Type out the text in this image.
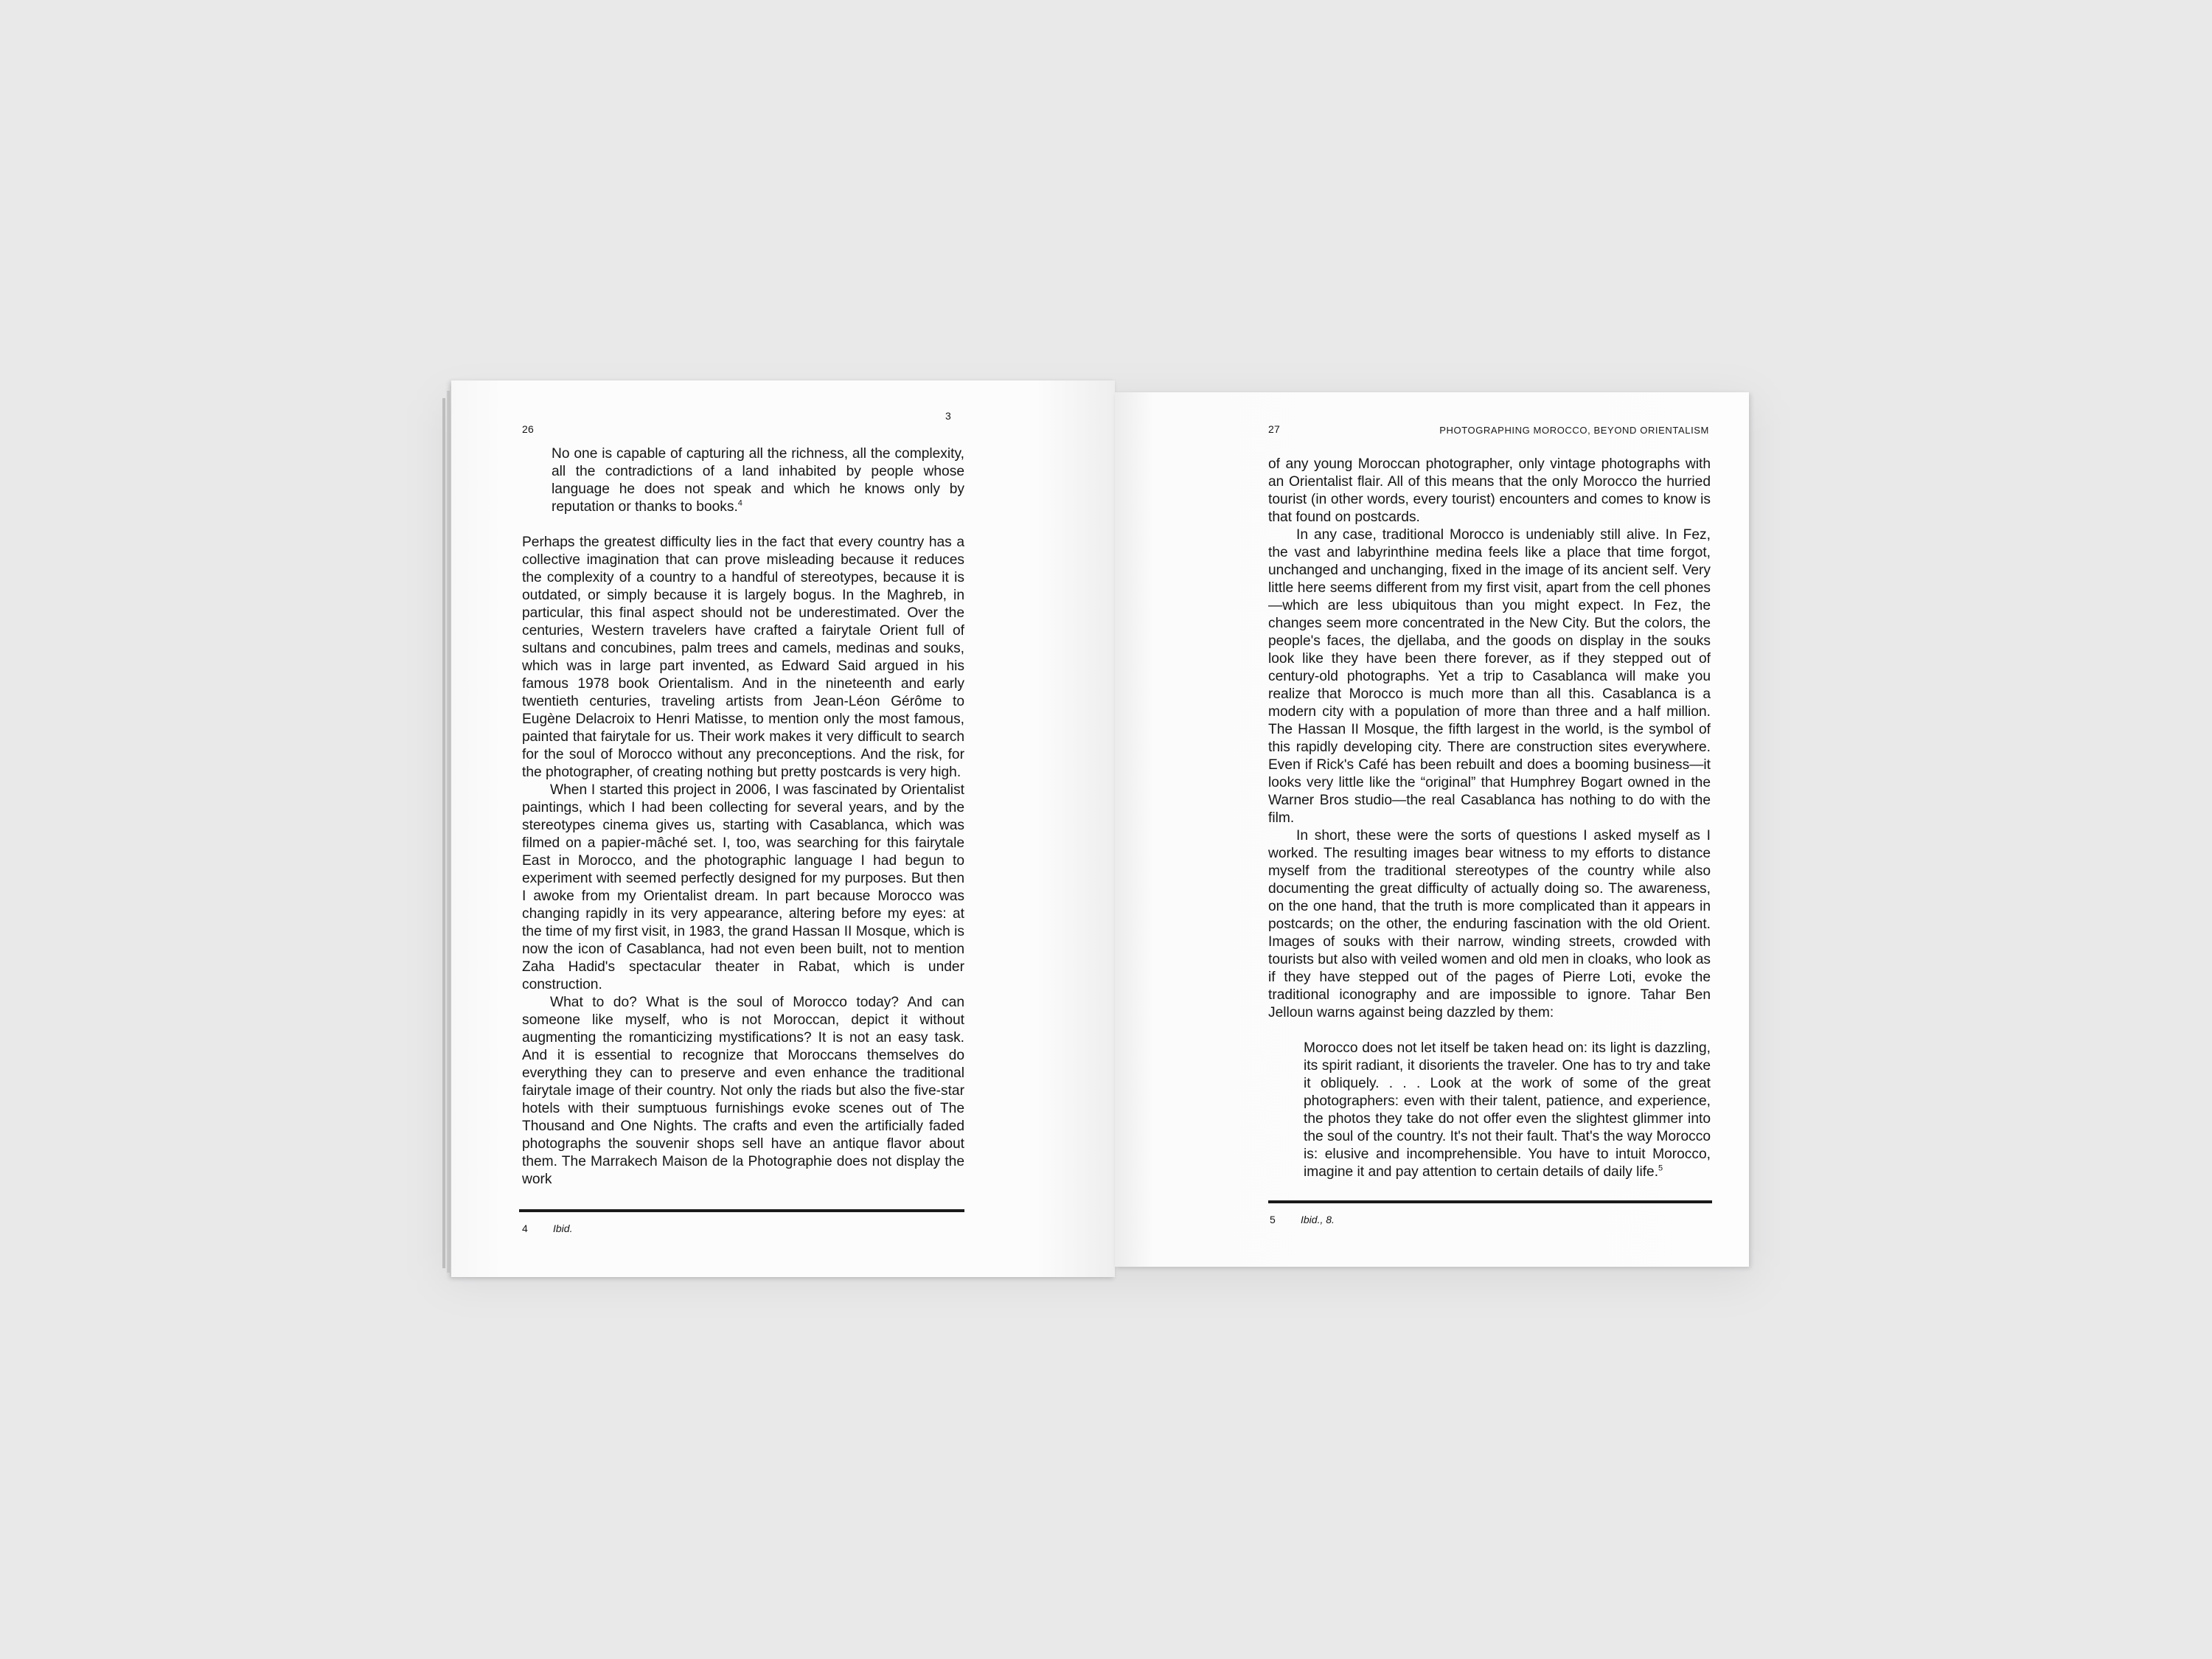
26
3

No one is capable of capturing all the richness, all the complexity, all the contradictions of a land inhabited by people whose language he does not speak and which he knows only by reputation or thanks to books.$^4$

Perhaps the greatest difficulty lies in the fact that every country has a collective imagination that can prove misleading because it reduces the complexity of a country to a handful of stereotypes, because it is outdated, or simply because it is largely bogus. In the Maghreb, in particular, this final aspect should not be underestimated. Over the centuries, Western travelers have crafted a fairytale Orient full of sultans and concubines, palm trees and camels, medinas and souks, which was in large part invented, as Edward Said argued in his famous 1978 book Orientalism. And in the nineteenth and early twentieth centuries, traveling artists from Jean-Léon Gérôme to Eugène Delacroix to Henri Matisse, to mention only the most famous, painted that fairytale for us. Their work makes it very difficult to search for the soul of Morocco without any preconceptions. And the risk, for the photographer, of creating nothing but pretty postcards is very high.

When I started this project in 2006, I was fascinated by Orientalist paintings, which I had been collecting for several years, and by the stereotypes cinema gives us, starting with Casablanca, which was filmed on a papier-mâché set. I, too, was searching for this fairytale East in Morocco, and the photographic language I had begun to experiment with seemed perfectly designed for my purposes. But then I awoke from my Orientalist dream. In part because Morocco was changing rapidly in its very appearance, altering before my eyes: at the time of my first visit, in 1983, the grand Hassan II Mosque, which is now the icon of Casablanca, had not even been built, not to mention Zaha Hadid's spectacular theater in Rabat, which is under construction.

What to do? What is the soul of Morocco today? And can someone like myself, who is not Moroccan, depict it without augmenting the romanticizing mystifications? It is not an easy task. And it is essential to recognize that Moroccans themselves do everything they can to preserve and even enhance the traditional fairytale image of their country. Not only the riads but also the five-star hotels with their sumptuous furnishings evoke scenes out of The Thousand and One Nights. The crafts and even the artificially faded photographs the souvenir shops sell have an antique flavor about them. The Marrakech Maison de la Photographie does not display the work

4 Ibid.
27	PHOTOGRAPHING MOROCCO, BEYOND ORIENTALISM

of any young Moroccan photographer, only vintage photographs with an Orientalist flair. All of this means that the only Morocco the hurried tourist (in other words, every tourist) encounters and comes to know is that found on postcards.

In any case, traditional Morocco is undeniably still alive. In Fez, the vast and labyrinthine medina feels like a place that time forgot, unchanged and unchanging, fixed in the image of its ancient self. Very little here seems different from my first visit, apart from the cell phones—which are less ubiquitous than you might expect. In Fez, the changes seem more concentrated in the New City. But the colors, the people's faces, the djellaba, and the goods on display in the souks look like they have been there forever, as if they stepped out of century-old photographs. Yet a trip to Casablanca will make you realize that Morocco is much more than all this. Casablanca is a modern city with a population of more than three and a half million. The Hassan II Mosque, the fifth largest in the world, is the symbol of this rapidly developing city. There are construction sites everywhere. Even if Rick's Café has been rebuilt and does a booming business—it looks very little like the “original” that Humphrey Bogart owned in the Warner Bros studio—the real Casablanca has nothing to do with the film.

In short, these were the sorts of questions I asked myself as I worked. The resulting images bear witness to my efforts to distance myself from the traditional stereotypes of the country while also documenting the great difficulty of actually doing so. The awareness, on the one hand, that the truth is more complicated than it appears in postcards; on the other, the enduring fascination with the old Orient. Images of souks with their narrow, winding streets, crowded with tourists but also with veiled women and old men in cloaks, who look as if they have stepped out of the pages of Pierre Loti, evoke the traditional iconography and are impossible to ignore. Tahar Ben Jelloun warns against being dazzled by them:

Morocco does not let itself be taken head on: its light is dazzling, its spirit radiant, it disorients the traveler. One has to try and take it obliquely. . . . Look at the work of some of the great photographers: even with their talent, patience, and experience, the photos they take do not offer even the slightest glimmer into the soul of the country. It's not their fault. That's the way Morocco is: elusive and incomprehensible. You have to intuit Morocco, imagine it and pay attention to certain details of daily life.$^5$
5 Ibid., 8.
